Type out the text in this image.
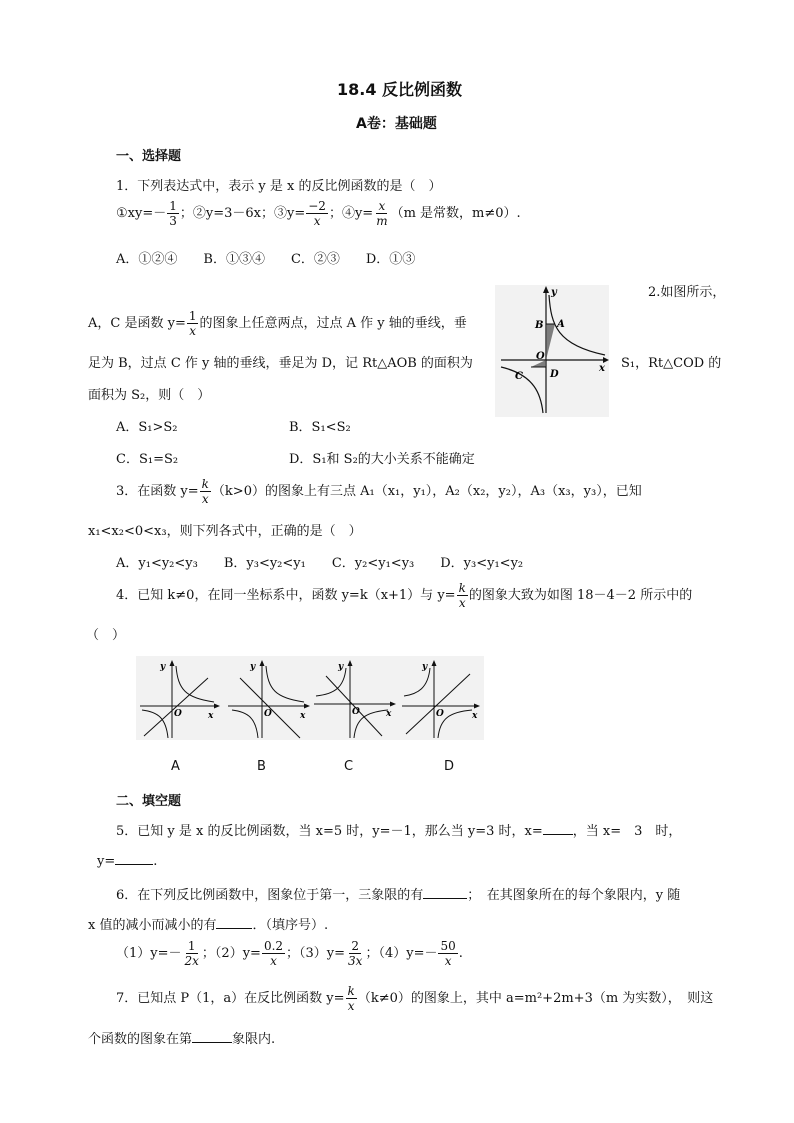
18.4 反比例函数
A卷：基础题
一、选择题
1．下列表达式中，表示 y 是 x 的反比例函数的是（　）
①xy=－ $\frac{1}{3}$ ；②y=3－6x；③y= $\frac{-2}{x}$ ；④y= $\frac{x}{m} (m$ 是常数，m≠0）.
A．①②④　　B．①③④　　C．②③　　D．①③
2.如图所示，
A，C 是函数 $y= \frac{1}{x}$ 的图象上任意两点，过点 A 作 y 轴的垂线，垂
足为 B，过点 C 作 y 轴的垂线，垂足为 D，记 Rt△AOB 的面积为	S₁，Rt△COD 的
面积为 S₂，则（　）
y
x
O
A
B
C	D
A．S₁>S₂	B．S₁<S₂
C．S₁=S₂	D．S₁和 S₂的大小关系不能确定
3．在函数 $y= \frac{k}{x} (k>0)$的图象上有三点 A₁（x₁，y₁），A₂（x₂，y₂），A₃（x₃，y₃），已知
x₁<x₂<0<x₃，则下列各式中，正确的是（　）
A．y₁<y₂<y₃　　B．y₃<y₂<y₁　　C．y₂<y₁<y₃　　D．y₃<y₁<y₂
4．已知 k≠0，在同一坐标系中，函数 y=k（x+1）与 $y= \frac{k}{x}$ 的图象大致为如图 18－4－2 所示中的
（　）
y
x
O
y
x
O
y
x
O
y
x
O
A	B	C	D
二、填空题
5．已知 y 是 x 的反比例函数，当 x=5 时，y=－1，那么当 y=3 时，x= ，当 x=　3　时，
y=	.
6．在下列反比例函数中，图象位于第一，三象限的有	；　在其图象所在的每个象限内，y 随
x 值的减小而减小的有	．（填序号）.
$(1)y=- \frac{1}{2x}$ ；$(2)y= \frac{0.2}{x}$ ；$(3)y= \frac{2}{3x}$ ；$(4)y=- \frac{50}{x}$ .
7．已知点 P（1，a）在反比例函数 $y= \frac{k}{x} (k\ne 0)$的图象上，其中 a=m²+2m+3（m 为实数），　则这
个函数的图象在第	象限内.
